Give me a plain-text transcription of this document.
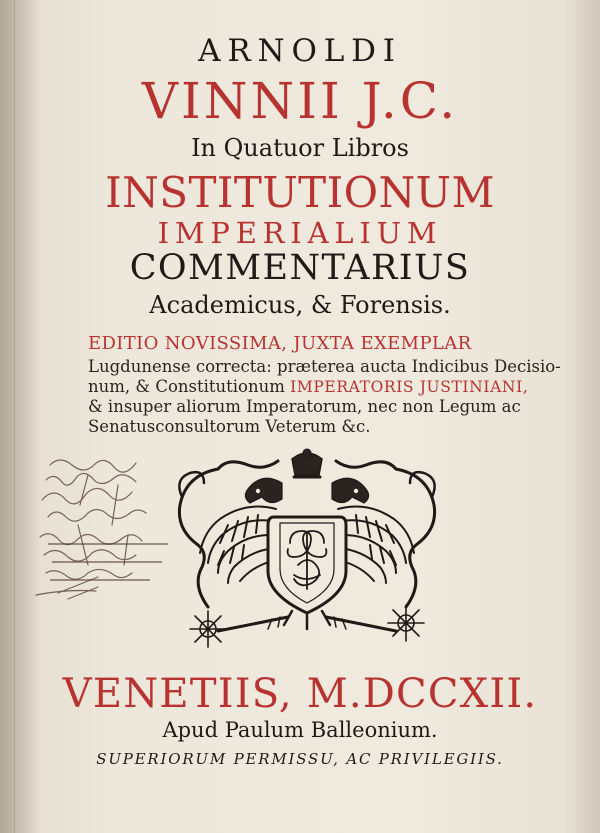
ARNOLDI
VINNII J.C.
In Quatuor Libros
INSTITUTIONUM
IMPERIALIUM
COMMENTARIUS
Academicus, & Forensis.
EDITIO NOVISSIMA, JUXTA EXEMPLAR
Lugdunense correcta: præterea aucta Indicibus Decisio-
num, & Constitutionum IMPERATORIS JUSTINIANI,
& insuper aliorum Imperatorum, nec non Legum ac
Senatusconsultorum Veterum &c.
VENETIIS, M.DCCXII.
Apud Paulum Balleonium.
SUPERIORUM PERMISSU, AC PRIVILEGIIS.
